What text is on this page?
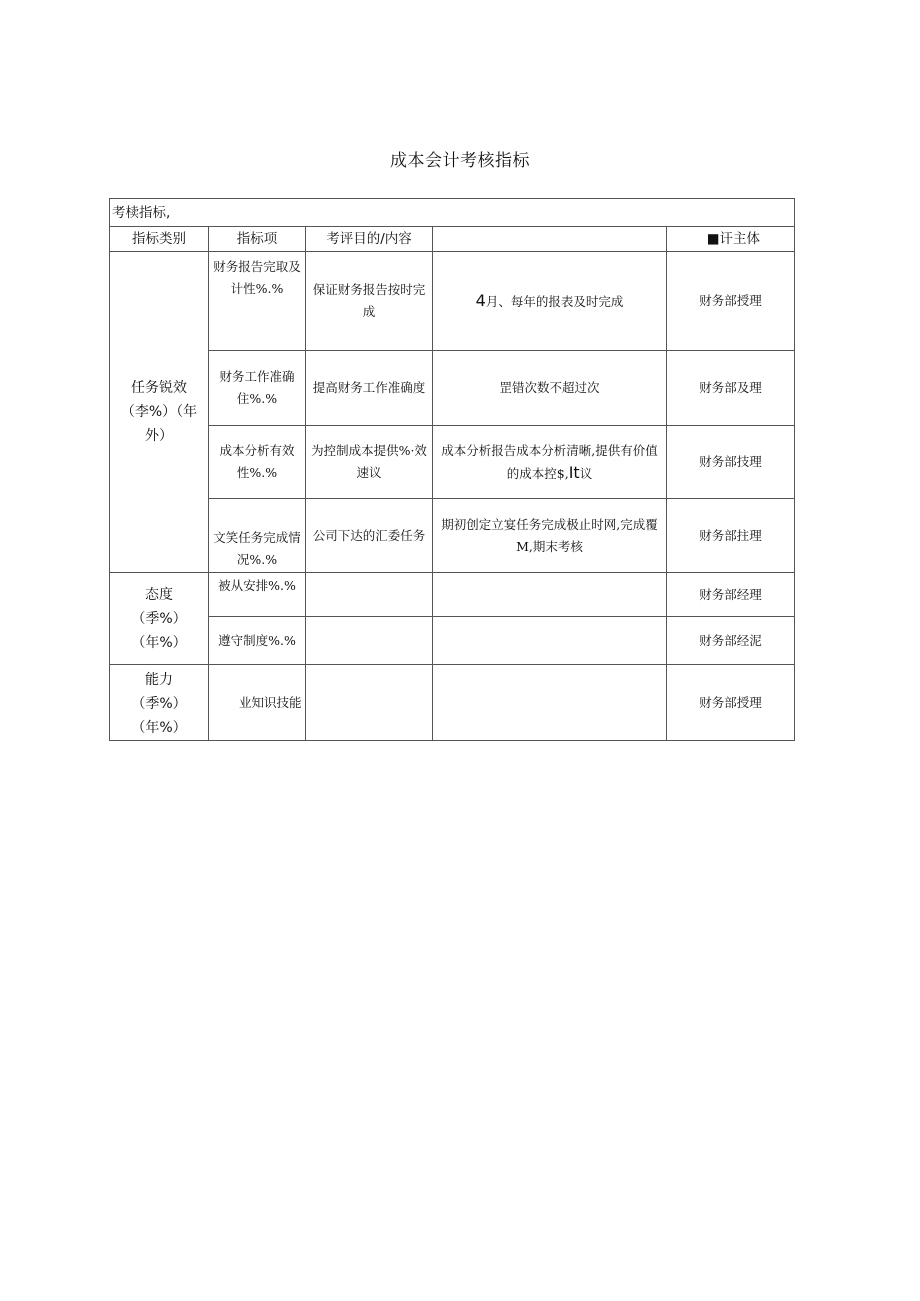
成本会计考核指标
考椟指标,				
指标类别	指标项	考评目的/内容		■讦主体
任务锐效（李%）（年外）	财务报告完取及计性%.%	保证财务报告按时完成	4月、每年的报表及时完成	财务部授理
	财务工作准确住%.%	提高财务工作准确度	罡错次数不超过次	财务部及理
	成本分析有效性%.%	为控制成本提供%·效速议	成本分析报告成本分析清晰,提供有价值的成本控$,It议	财务部技理
	文笑任务完成情况%.%	公司下达的汇委任务	期初创定立宴任务完成极止时网,完成覆M,期末考核	财务部拄理
态度（季%）（年%）	被从安排%.%			财务部经理
	遵守制度%.%			财务部经泥
能力（季%）（年%）	业知识技能			财务部授理
